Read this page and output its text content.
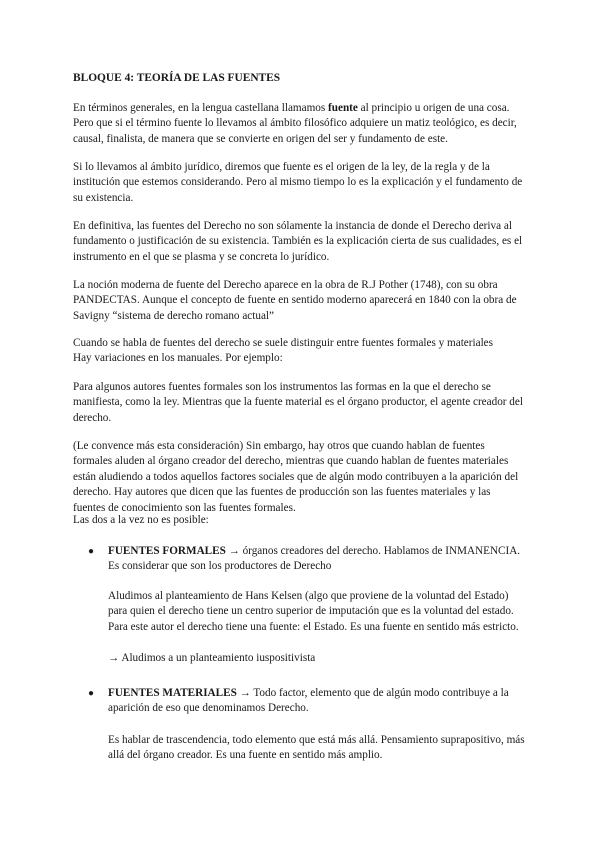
BLOQUE 4: TEORÍA DE LAS FUENTES

En términos generales, en la lengua castellana llamamos fuente al principio u origen de una cosa. Pero que si el término fuente lo llevamos al ámbito filosófico adquiere un matiz teológico, es decir, causal, finalista, de manera que se convierte en origen del ser y fundamento de este.

Si lo llevamos al ámbito jurídico, diremos que fuente es el origen de la ley, de la regla y de la institución que estemos considerando. Pero al mismo tiempo lo es la explicación y el fundamento de su existencia.

En definitiva, las fuentes del Derecho no son sólamente la instancia de donde el Derecho deriva al fundamento o justificación de su existencia. También es la explicación cierta de sus cualidades, es el instrumento en el que se plasma y se concreta lo jurídico.

La noción moderna de fuente del Derecho aparece en la obra de R.J Pother (1748), con su obra PANDECTAS. Aunque el concepto de fuente en sentido moderno aparecerá en 1840 con la obra de Savigny “sistema de derecho romano actual”

Cuando se habla de fuentes del derecho se suele distinguir entre fuentes formales y materiales

Hay variaciones en los manuales. Por ejemplo:

Para algunos autores fuentes formales son los instrumentos las formas en la que el derecho se manifiesta, como la ley. Mientras que la fuente material es el órgano productor, el agente creador del derecho.

(Le convence más esta consideración) Sin embargo, hay otros que cuando hablan de fuentes formales aluden al órgano creador del derecho, mientras que cuando hablan de fuentes materiales están aludiendo a todos aquellos factores sociales que de algún modo contribuyen a la aparición del derecho. Hay autores que dicen que las fuentes de producción son las fuentes materiales y las fuentes de conocimiento son las fuentes formales.

Las dos a la vez no es posible:

● FUENTES FORMALES → órganos creadores del derecho. Hablamos de INMANENCIA. Es considerar que son los productores de Derecho

Aludimos al planteamiento de Hans Kelsen (algo que proviene de la voluntad del Estado) para quien el derecho tiene un centro superior de imputación que es la voluntad del estado. Para este autor el derecho tiene una fuente: el Estado. Es una fuente en sentido más estricto.

→ Aludimos a un planteamiento iuspositivista

● FUENTES MATERIALES → Todo factor, elemento que de algún modo contribuye a la aparición de eso que denominamos Derecho.

Es hablar de trascendencia, todo elemento que está más allá. Pensamiento suprapositivo, más allá del órgano creador. Es una fuente en sentido más amplio.
